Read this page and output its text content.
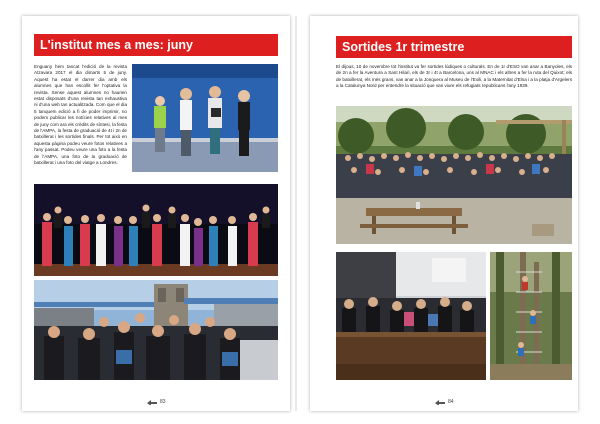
L'institut mes a mes: juny
Enguany hem tancat l'edició de la revista Atzavara 2017 el dia dimarts 5 de juny. Aquest ha estat el darrer dia amb els alumnes que han escollit fer l'optativa la revista. Sense aquest alumnes no haurien estat disposats d'una revista tan exhaustiva ni d'una web tan actualitzada. Com que el dia 5 tanquem edició a fi de poder imprimir, no podem publicar les notícies relatives al mes de juny com ara els crèdits de síntesi, la festa de l'AMPA, la festa de graduació de 4t i 2n de batxillerat i les sortides finals. Per tot això en aquesta pàgina podeu veure fotos relatives a l'any passat. Podeu veure una foto a la festa de l'AMPA, una foto de la graduació de batxillerat i una foto del viatge a Londres.
83
Sortides 1r trimestre
El dijous, 10 de novembre tot l'institut va fer sortides lúdiques o culturals. En de 1r d'ESO van anar a Banyoles, els de 2n a fer la Aventura a Sant Hilari, els de 3r i 4t a Barcelona, uns al MNAC i els altres a fer la ruta del Quixot; els de batxillerat, els més grans, van anar a la Jonquera al Museu de l'Exili, a la Maternitat d'Elna i a la platja d'Argelers a la Catalunya Nord per entendre la situació que van viure els refugiats republicans l'any 1939.
84
